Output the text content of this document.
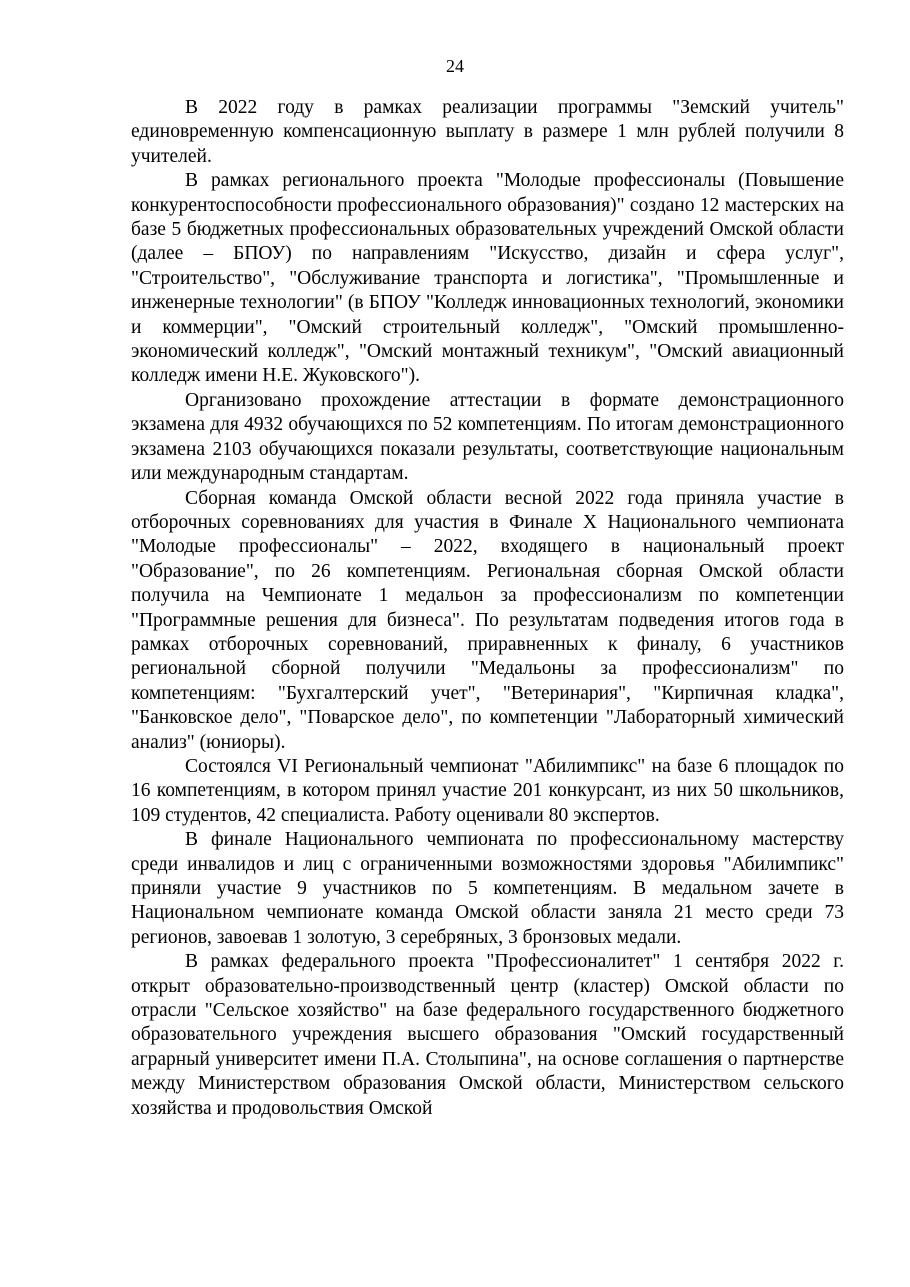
24

В 2022 году в рамках реализации программы "Земский учитель" единовременную компенсационную выплату в размере 1 млн рублей получили 8 учителей.

В рамках регионального проекта "Молодые профессионалы (Повышение конкурентоспособности профессионального образования)" создано 12 мастерских на базе 5 бюджетных профессиональных образовательных учреждений Омской области (далее – БПОУ) по направлениям "Искусство, дизайн и сфера услуг", "Строительство", "Обслуживание транспорта и логистика", "Промышленные и инженерные технологии" (в БПОУ "Колледж инновационных технологий, экономики и коммерции", "Омский строительный колледж", "Омский промышленно-экономический колледж", "Омский монтажный техникум", "Омский авиационный колледж имени Н.Е. Жуковского").

Организовано прохождение аттестации в формате демонстрационного экзамена для 4932 обучающихся по 52 компетенциям. По итогам демонстрационного экзамена 2103 обучающихся показали результаты, соответствующие национальным или международным стандартам.

Сборная команда Омской области весной 2022 года приняла участие в отборочных соревнованиях для участия в Финале X Национального чемпионата "Молодые профессионалы" – 2022, входящего в национальный проект "Образование", по 26 компетенциям. Региональная сборная Омской области получила на Чемпионате 1 медальон за профессионализм по компетенции "Программные решения для бизнеса". По результатам подведения итогов года в рамках отборочных соревнований, приравненных к финалу, 6 участников региональной сборной получили "Медальоны за профессионализм" по компетенциям: "Бухгалтерский учет", "Ветеринария", "Кирпичная кладка", "Банковское дело", "Поварское дело", по компетенции "Лабораторный химический анализ" (юниоры).

Состоялся VI Региональный чемпионат "Абилимпикс" на базе 6 площадок по 16 компетенциям, в котором принял участие 201 конкурсант, из них 50 школьников, 109 студентов, 42 специалиста. Работу оценивали 80 экспертов.

В финале Национального чемпионата по профессиональному мастерству среди инвалидов и лиц с ограниченными возможностями здоровья "Абилимпикс" приняли участие 9 участников по 5 компетенциям. В медальном зачете в Национальном чемпионате команда Омской области заняла 21 место среди 73 регионов, завоевав 1 золотую, 3 серебряных, 3 бронзовых медали.

В рамках федерального проекта "Профессионалитет" 1 сентября 2022 г. открыт образовательно-производственный центр (кластер) Омской области по отрасли "Сельское хозяйство" на базе федерального государственного бюджетного образовательного учреждения высшего образования "Омский государственный аграрный университет имени П.А. Столыпина", на основе соглашения о партнерстве между Министерством образования Омской области, Министерством сельского хозяйства и продовольствия Омской
